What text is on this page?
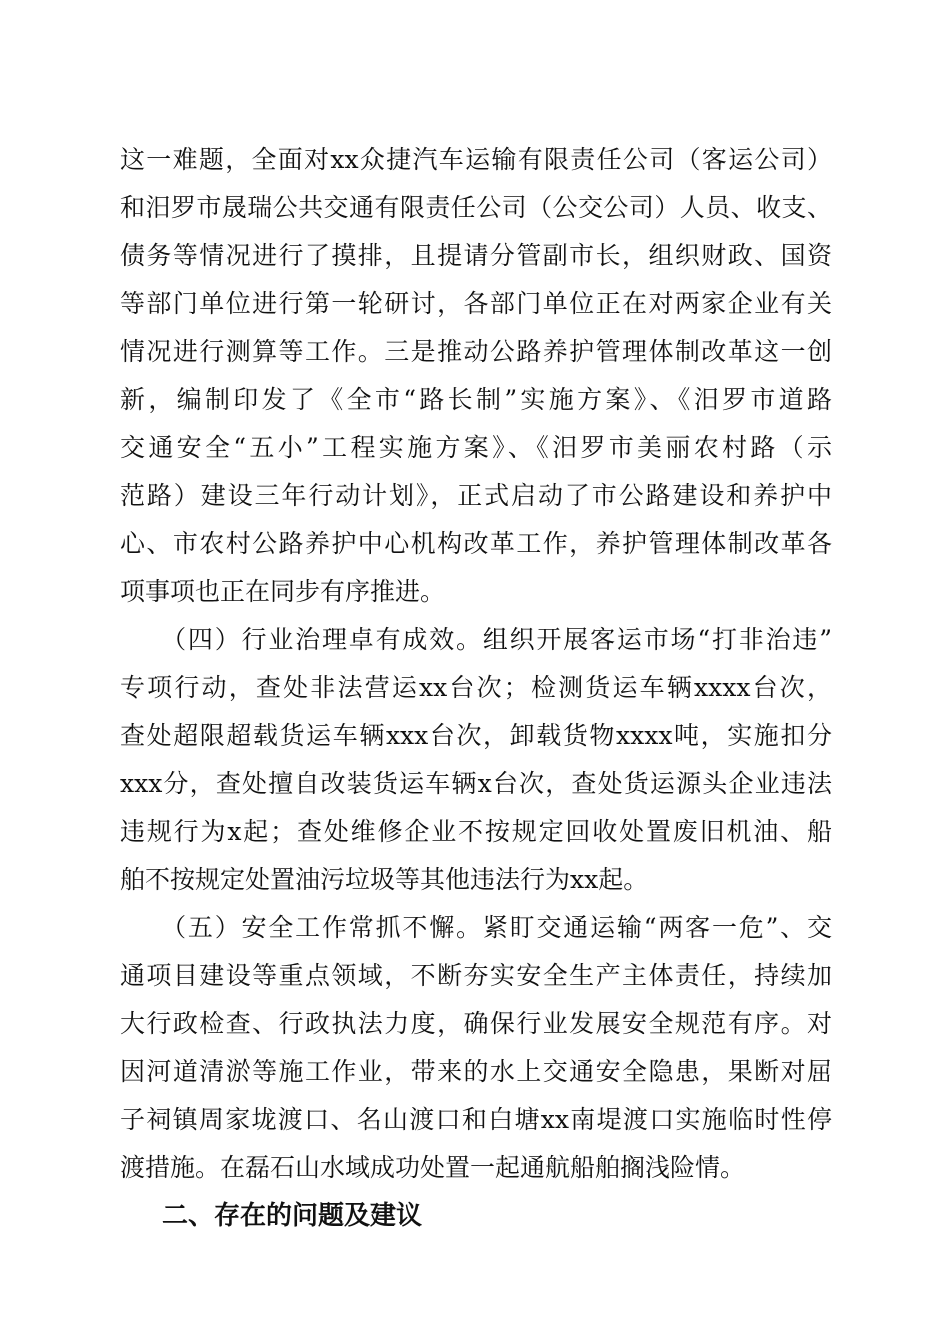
这一难题，全面对xx众捷汽车运输有限责任公司（客运公司）
和汨罗市晟瑞公共交通有限责任公司（公交公司）人员、收支、
债务等情况进行了摸排，且提请分管副市长，组织财政、国资
等部门单位进行第一轮研讨，各部门单位正在对两家企业有关
情况进行测算等工作。三是推动公路养护管理体制改革这一创
新，编制印发了《全市“路长制”实施方案》、《汨罗市道路
交通安全“五小”工程实施方案》、《汨罗市美丽农村路（示
范路）建设三年行动计划》，正式启动了市公路建设和养护中
心、市农村公路养护中心机构改革工作，养护管理体制改革各
项事项也正在同步有序推进。
　　（四）行业治理卓有成效。组织开展客运市场“打非治违”
专项行动，查处非法营运xx台次；检测货运车辆xxxx台次，
查处超限超载货运车辆xxx台次，卸载货物xxxx吨，实施扣分
xxx分，查处擅自改装货运车辆x台次，查处货运源头企业违法
违规行为x起；查处维修企业不按规定回收处置废旧机油、船
舶不按规定处置油污垃圾等其他违法行为xx起。
　　（五）安全工作常抓不懈。紧盯交通运输“两客一危”、交
通项目建设等重点领域，不断夯实安全生产主体责任，持续加
大行政检查、行政执法力度，确保行业发展安全规范有序。对
因河道清淤等施工作业，带来的水上交通安全隐患，果断对屈
子祠镇周家垅渡口、名山渡口和白塘xx南堤渡口实施临时性停
渡措施。在磊石山水域成功处置一起通航船舶搁浅险情。
二、存在的问题及建议
